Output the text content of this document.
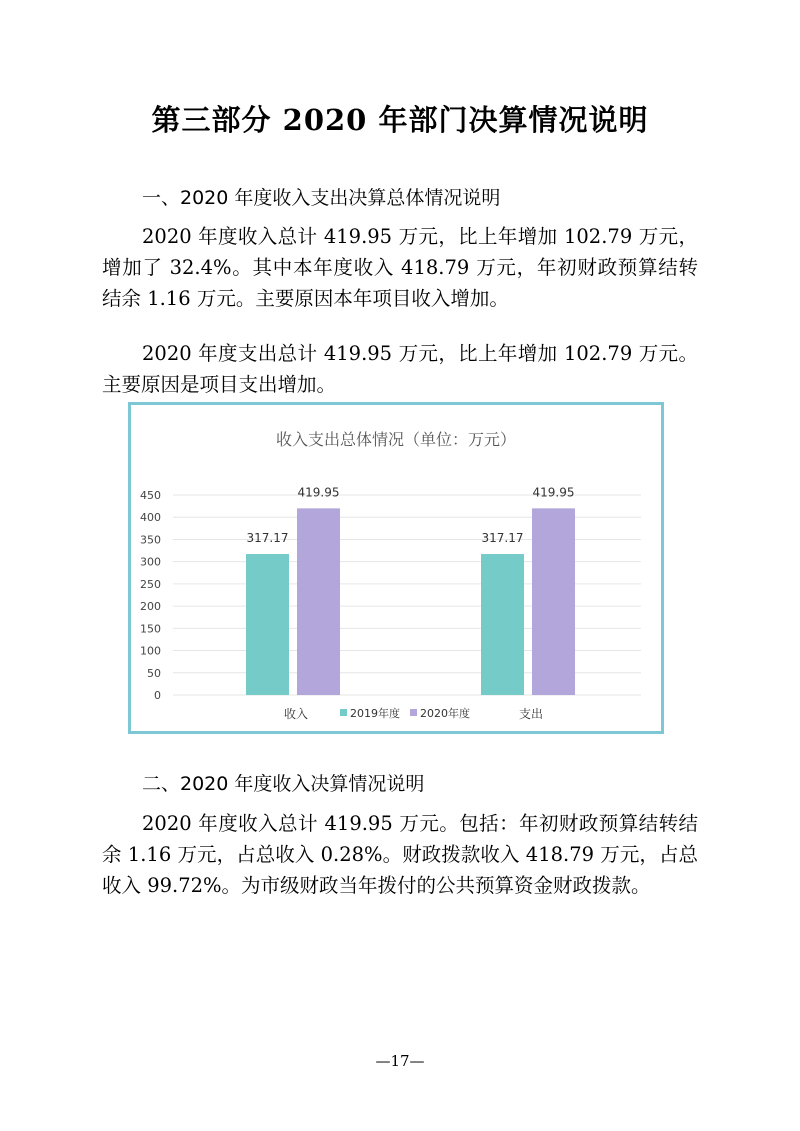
第三部分 2020 年部门决算情况说明
一、2020 年度收入支出决算总体情况说明

2020 年度收入总计 419.95 万元，比上年增加 102.79 万元，增加了 32.4%。其中本年度收入 418.79 万元，年初财政预算结转结余 1.16 万元。主要原因本年项目收入增加。

2020 年度支出总计 419.95 万元，比上年增加 102.79 万元。主要原因是项目支出增加。

收入支出总体情况（单位：万元）
0
50
100
150
200
250
300
350
400
450
317.17
419.95
收入
317.17
419.95
支出
2019年度 2020年度
二、2020 年度收入决算情况说明

2020 年度收入总计 419.95 万元。包括：年初财政预算结转结余 1.16 万元，占总收入 0.28%。财政拨款收入 418.79 万元，占总收入 99.72%。为市级财政当年拨付的公共预算资金财政拨款。

—17—
